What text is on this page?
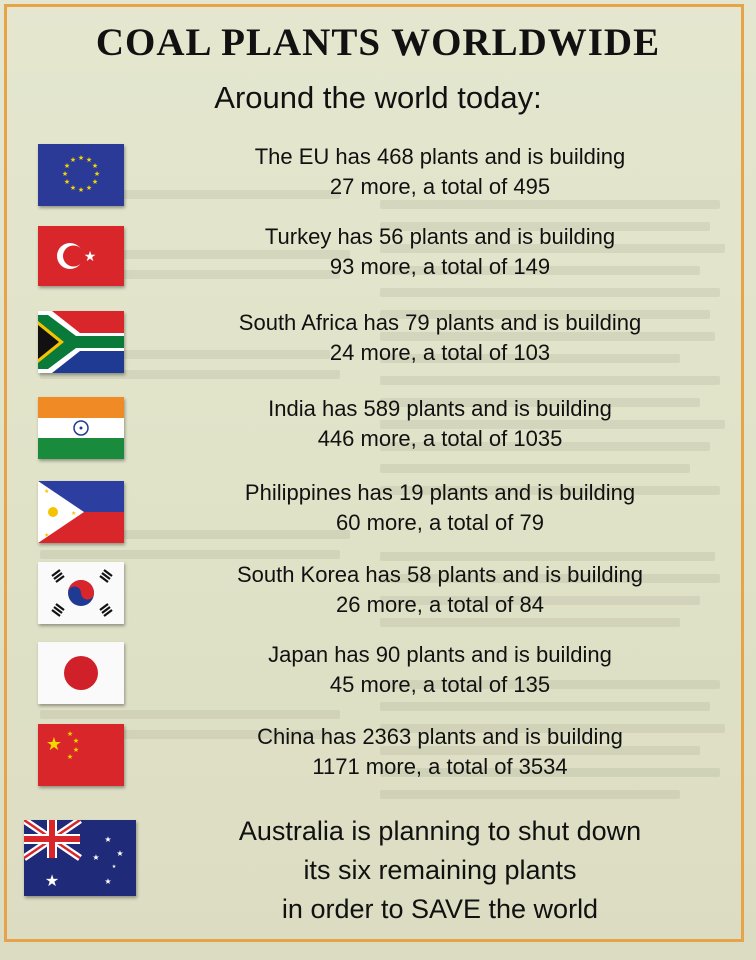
COAL PLANTS WORLDWIDE
Around the world today:
★ ★
★
★
★
★
★
★
★
★
★
★	The EU has 468 plants and is building
27 more, a total of 495
★
Turkey has 56 plants and is building
93 more, a total of 149
South Africa has 79 plants and is building
24 more, a total of 103
India has 589 plants and is building
446 more, a total of 1035
★
★
★
Philippines has 19 plants and is building
60 more, a total of 79
South Korea has 58 plants and is building
26 more, a total of 84
Japan has 90 plants and is building
45 more, a total of 135
★ ★
★
★
★
China has 2363 plants and is building
1171 more, a total of 3534
★
★
★ ★
★
★
Australia is planning to shut down
its six remaining plants
in order to SAVE the world
